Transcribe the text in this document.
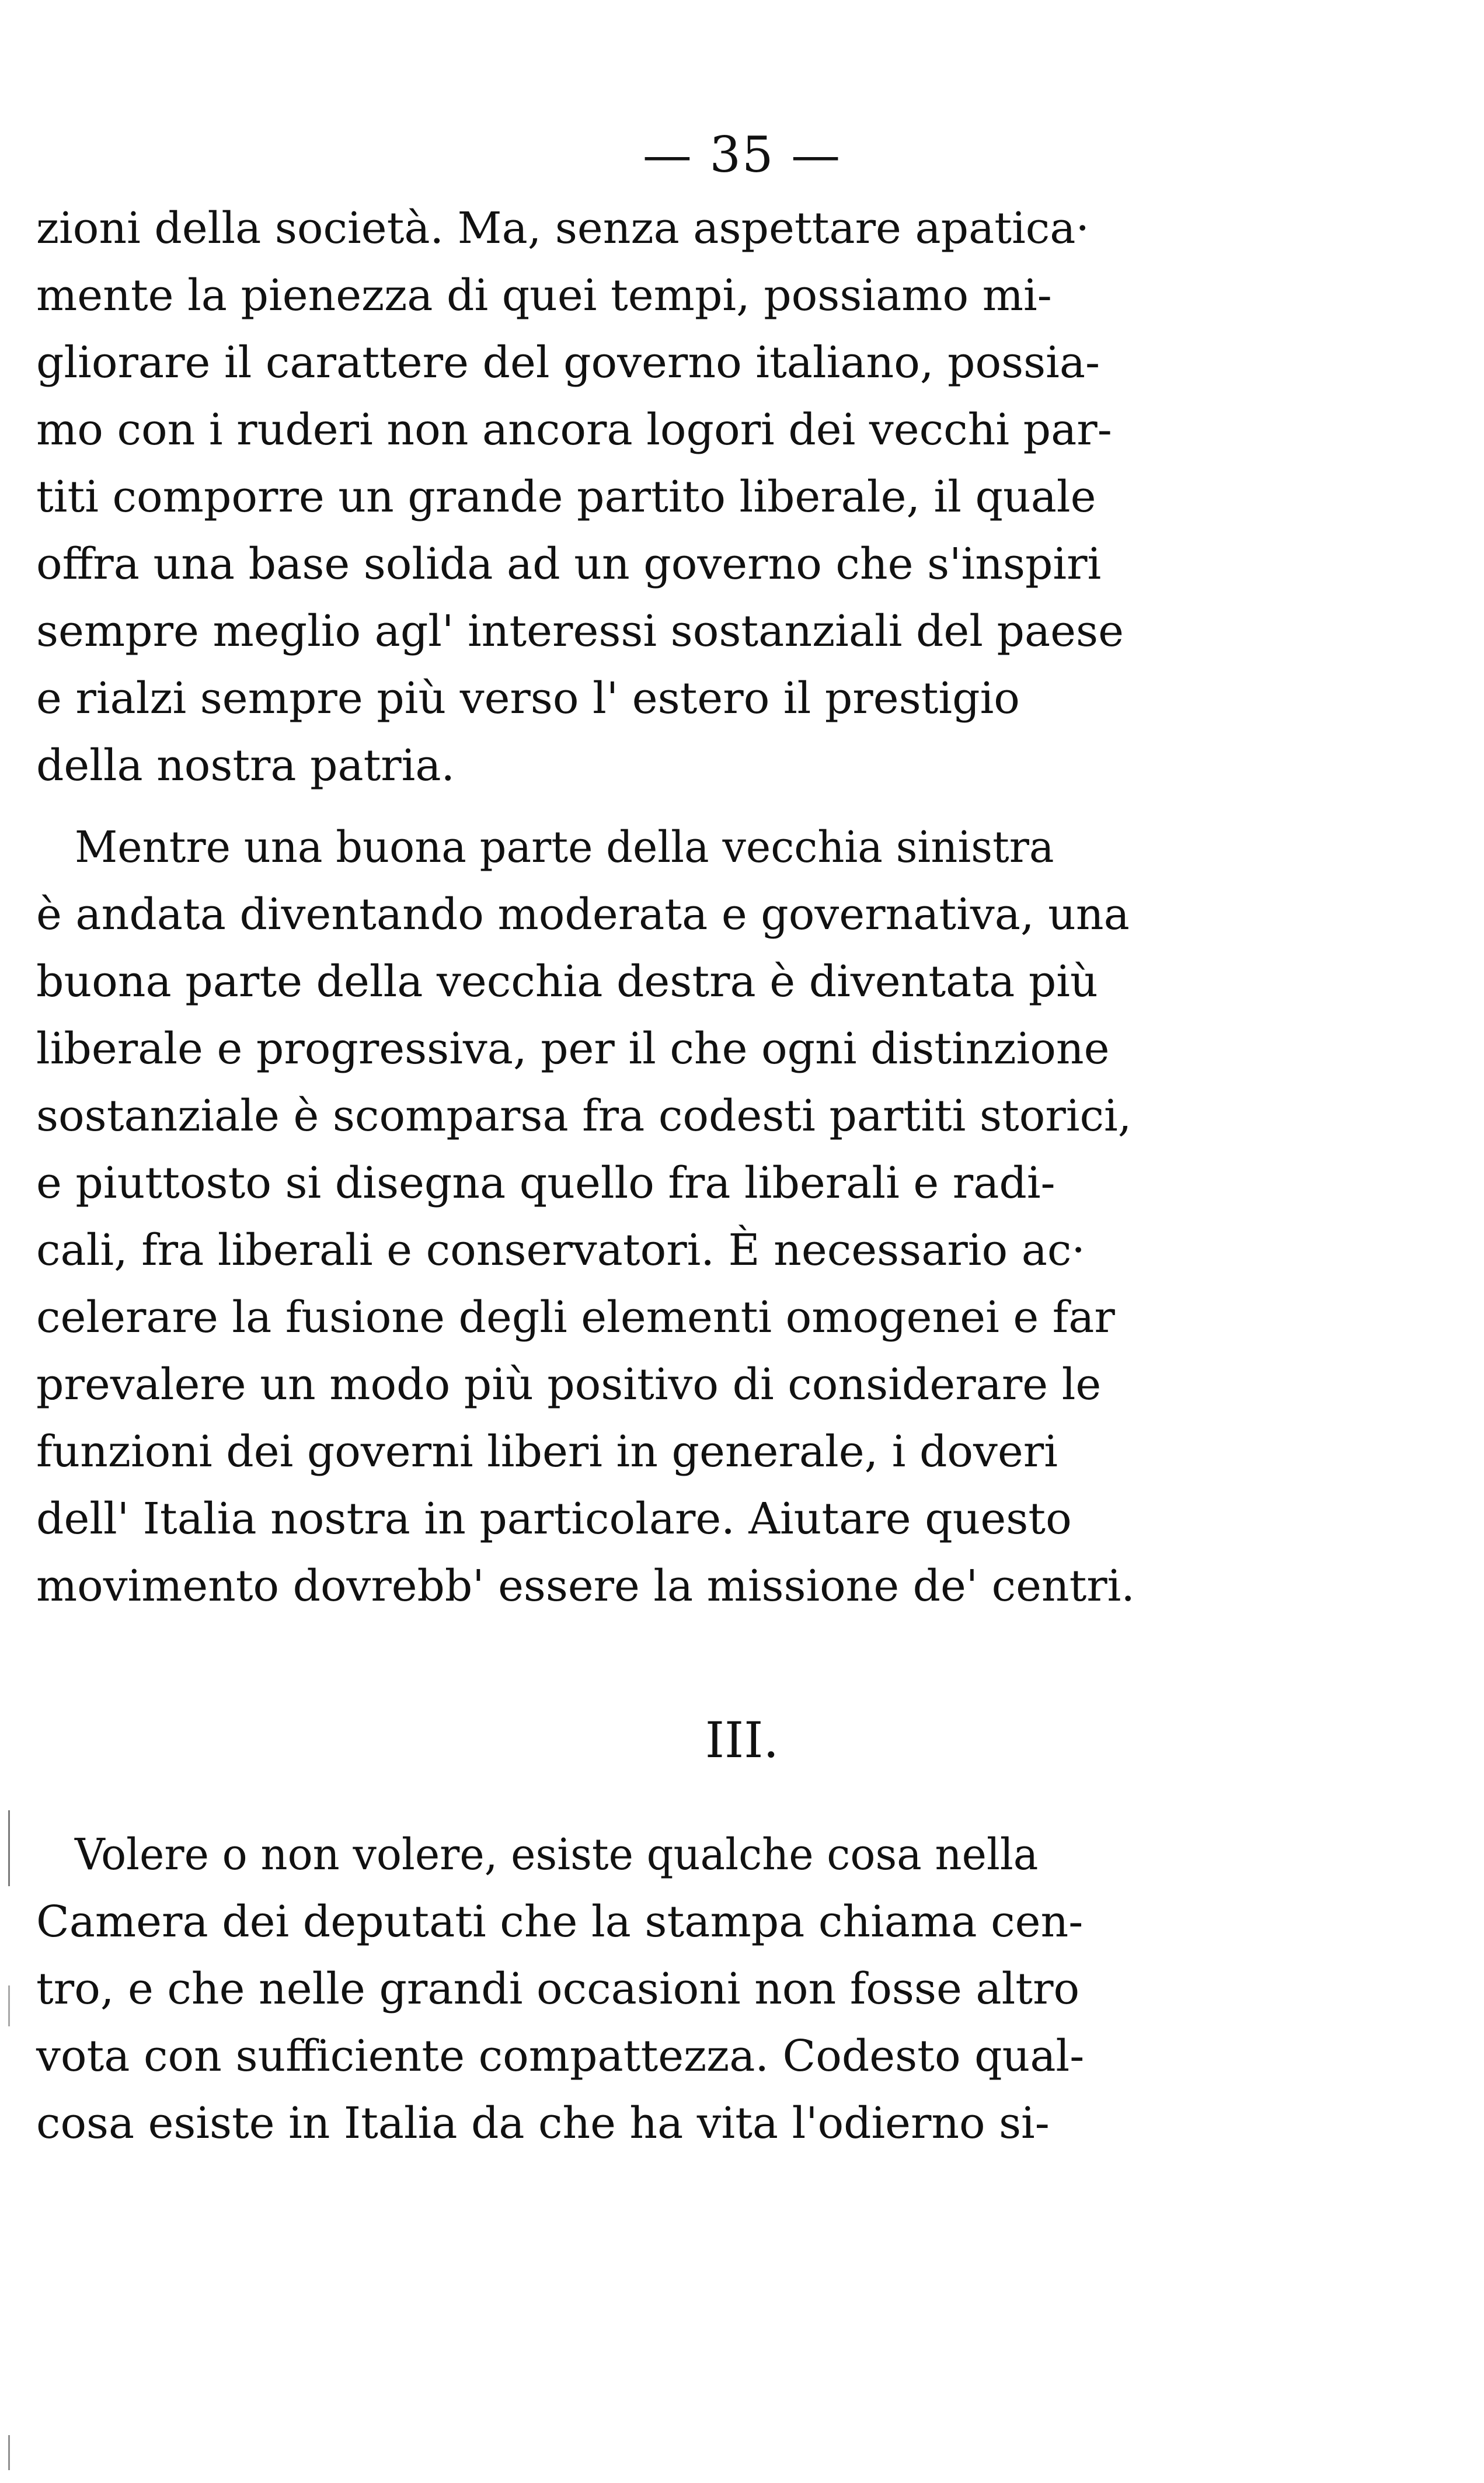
— 35 —
zioni della società. Ma, senza aspettare apatica·
mente la pienezza di quei tempi, possiamo mi-
gliorare il carattere del governo italiano, possia-
mo con i ruderi non ancora logori dei vecchi par-
titi comporre un grande partito liberale, il quale
offra una base solida ad un governo che s'inspiri
sempre meglio agl' interessi sostanziali del paese
e rialzi sempre più verso l' estero il prestigio
della nostra patria.
Mentre una buona parte della vecchia sinistra
è andata diventando moderata e governativa, una
buona parte della vecchia destra è diventata più
liberale e progressiva, per il che ogni distinzione
sostanziale è scomparsa fra codesti partiti storici,
e piuttosto si disegna quello fra liberali e radi-
cali, fra liberali e conservatori. È necessario ac·
celerare la fusione degli elementi omogenei e far
prevalere un modo più positivo di considerare le
funzioni dei governi liberi in generale, i doveri
dell' Italia nostra in particolare. Aiutare questo
movimento dovrebb' essere la missione de' centri.
III.
Volere o non volere, esiste qualche cosa nella
Camera dei deputati che la stampa chiama cen-
tro, e che nelle grandi occasioni non fosse altro
vota con sufficiente compattezza. Codesto qual-
cosa esiste in Italia da che ha vita l'odierno si-
